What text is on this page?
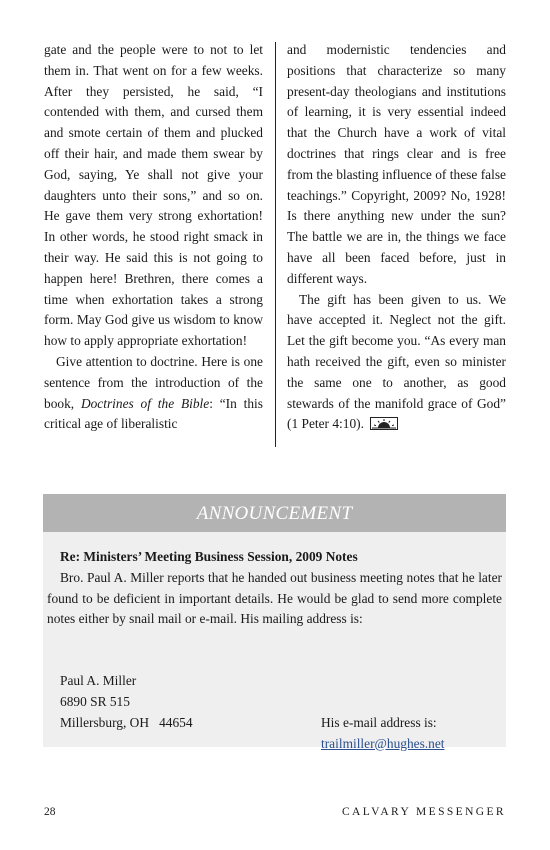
gate and the people were to not to let them in. That went on for a few weeks. After they persisted, he said, “I contended with them, and cursed them and smote certain of them and plucked off their hair, and made them swear by God, saying, Ye shall not give your daughters unto their sons,” and so on. He gave them very strong exhortation! In other words, he stood right smack in their way. He said this is not going to happen here! Brethren, there comes a time when exhortation takes a strong form. May God give us wisdom to know how to apply appropriate exhortation!

Give attention to doctrine. Here is one sentence from the introduction of the book, Doctrines of the Bible: “In this critical age of liberalistic

and modernistic tendencies and positions that characterize so many present-day theologians and institutions of learning, it is very essential indeed that the Church have a work of vital doctrines that rings clear and is free from the blasting influence of these false teachings.” Copyright, 2009? No, 1928! Is there anything new under the sun? The battle we are in, the things we face have all been faced before, just in different ways.

The gift has been given to us. We have accepted it. Neglect not the gift. Let the gift become you. “As every man hath received the gift, even so minister the same one to another, as good stewards of the manifold grace of God” (1 Peter 4:10).

ANNOUNCEMENT
Re: Ministers’ Meeting Business Session, 2009 Notes

Bro. Paul A. Miller reports that he handed out business meeting notes that he later found to be deficient in important details. He would be glad to send more complete notes either by snail mail or e-mail. His mailing address is:

Paul A. Miller
6890 SR 515
Millersburg, OH   44654	His e-mail address is:
trailmiller@hughes.net
28	CALVARY MESSENGER
